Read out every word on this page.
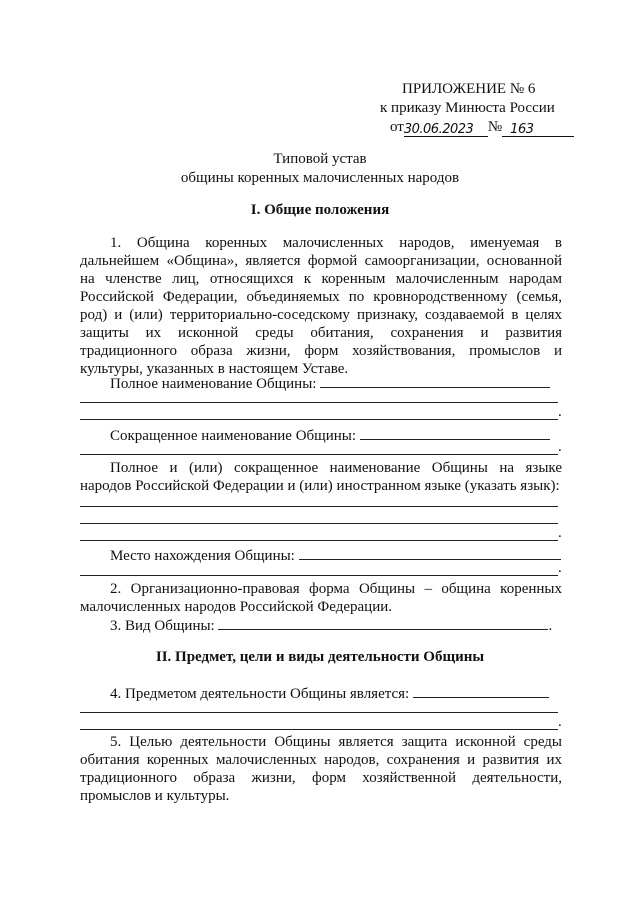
ПРИЛОЖЕНИЕ № 6
к приказу Минюста России
от30.06.2023 № 163
Типовой устав
общины коренных малочисленных народов
I. Общие положения
1. Община коренных малочисленных народов, именуемая в дальнейшем «Община», является формой самоорганизации, основанной на членстве лиц, относящихся к коренным малочисленным народам Российской Федерации, объединяемых по кровнородственному (семья, род) и (или) территориально-соседскому признаку, создаваемой в целях защиты их исконной среды обитания, сохранения и развития традиционного образа жизни, форм хозяйствования, промыслов и культуры, указанных в настоящем Уставе.
Полное наименование Общины:
.
Сокращенное наименование Общины:
.
Полное и (или) сокращенное наименование Общины на языке народов Российской Федерации и (или) иностранном языке (указать язык):
.
Место нахождения Общины:
.
2. Организационно-правовая форма Общины – община коренных малочисленных народов Российской Федерации.
3. Вид Общины:	.
II. Предмет, цели и виды деятельности Общины
4. Предметом деятельности Общины является:
.
5. Целью деятельности Общины является защита исконной среды обитания коренных малочисленных народов, сохранения и развития их традиционного образа жизни, форм хозяйственной деятельности, промыслов и культуры.
